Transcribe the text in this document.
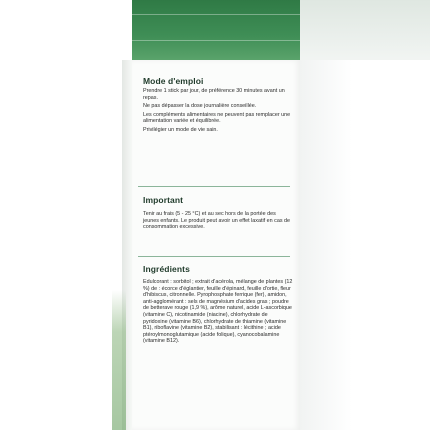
Mode d'emploi

Prendre 1 stick par jour, de préférence 30 minutes avant un repas.

Ne pas dépasser la dose journalière conseillée.

Les compléments alimentaires ne peuvent pas remplacer une alimentation variée et équilibrée.

Privilégier un mode de vie sain.

Important
Tenir au frais (5 - 25 °C) et au sec hors de la portée des jeunes enfants. Le produit peut avoir un effet laxatif en cas de consommation excessive.
Ingrédients
Edulcorant : sorbitol ; extrait d'acérola, mélange de plantes (12 %) de : écorce d'églantier, feuille d'épinard, feuille d'ortie, fleur d'hibiscus, citronnelle. Pyrophosphate ferrique (fer), amidon, anti-agglomérant : sels de magnésium d'acides gras ; poudre de betterave rouge (1,9 %), arôme naturel, acide L-ascorbique (vitamine C), nicotinamide (niacine), chlorhydrate de pyridoxine (vitamine B6), chlorhydrate de thiamine (vitamine B1), riboflavine (vitamine B2), stabilisant : lécithine ; acide ptéroylmonoglutamique (acide folique), cyanocobalamine (vitamine B12).
